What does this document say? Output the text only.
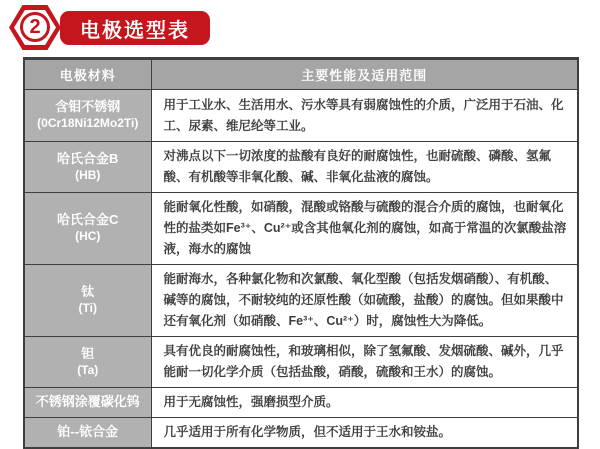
电极选型表
2
电极材料	主要性能及适用范围
含钼不锈钢
(0Cr18Ni12Mo2Ti)	用于工业水、生活用水、污水等具有弱腐蚀性的介质，广泛用于石油、化工、尿素、维尼纶等工业。
哈氏合金B
(HB)	对沸点以下一切浓度的盐酸有良好的耐腐蚀性，也耐硫酸、磷酸、氢氟酸、有机酸等非氧化酸、碱、非氧化盐液的腐蚀。
哈氏合金C
(HC)	能耐氧化性酸，如硝酸，混酸或铬酸与硫酸的混合介质的腐蚀，也耐氧化性的盐类如Fe³⁺、Cu²⁺或含其他氧化剂的腐蚀，如高于常温的次氯酸盐溶液，海水的腐蚀
钛
(Ti)	能耐海水，各种氯化物和次氯酸、氧化型酸（包括发烟硝酸）、有机酸、碱等的腐蚀，不耐较纯的还原性酸（如硫酸，盐酸）的腐蚀。但如果酸中还有氧化剂（如硝酸、Fe³⁺、Cu²⁺）时，腐蚀性大为降低。
钽
(Ta)	具有优良的耐腐蚀性，和玻璃相似，除了氢氟酸、发烟硫酸、碱外，几乎能耐一切化学介质（包括盐酸，硝酸，硫酸和王水）的腐蚀。
不锈钢涂覆碳化钨	用于无腐蚀性，强磨损型介质。
铂--铱合金	几乎适用于所有化学物质，但不适用于王水和铵盐。
